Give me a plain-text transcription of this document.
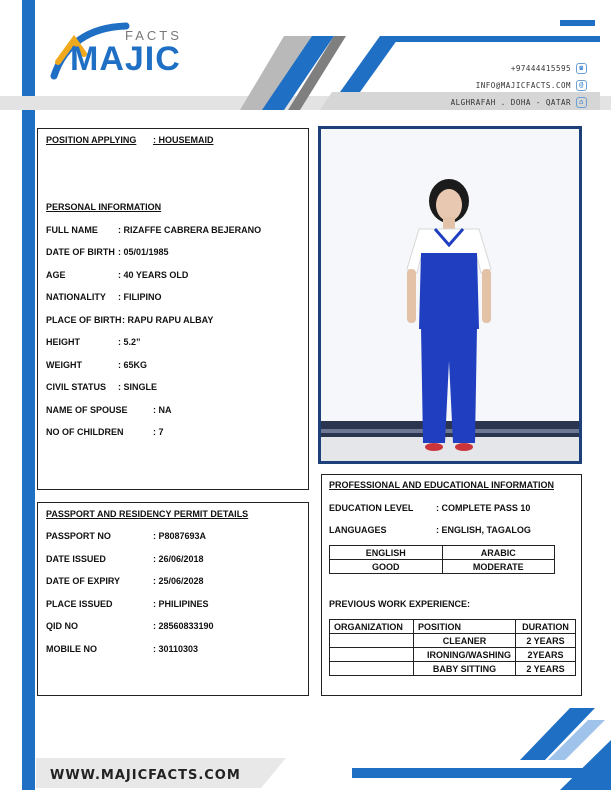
FACTS
MAJIC	+97444415595	☎
INFO@MAJICFACTS.COM	@
ALGHRAFAH . DOHA - QATAR	⌂
POSITION APPLYING : HOUSEMAID
PERSONAL INFORMATION
FULL NAME : RIZAFFE CABRERA BEJERANO
DATE OF BIRTH : 05/01/1985
AGE	: 40 YEARS OLD
NATIONALITY : FILIPINO
PLACE OF BIRTH : RAPU RAPU ALBAY
HEIGHT	: 5.2”
WEIGHT	: 65KG
CIVIL STATUS : SINGLE
NAME OF SPOUSE	: NA
NO OF CHILDREN	: 7
PASSPORT AND RESIDENCY PERMIT DETAILS
PASSPORT NO	: P8087693A
DATE ISSUED	: 26/06/2018
DATE OF EXPIRY	: 25/06/2028
PLACE ISSUED	: PHILIPINES
QID NO	: 28560833190
MOBILE NO	: 30110303
PROFESSIONAL AND EDUCATIONAL INFORMATION
EDUCATION LEVEL	: COMPLETE PASS 10
LANGUAGES	: ENGLISH, TAGALOG
ENGLISH	ARABIC
GOOD	MODERATE
PREVIOUS WORK EXPERIENCE:
ORGANIZATION	POSITION	DURATION
	CLEANER	2 YEARS
	IRONING/WASHING	2YEARS
	BABY SITTING	2 YEARS
WWW.MAJICFACTS.COM
